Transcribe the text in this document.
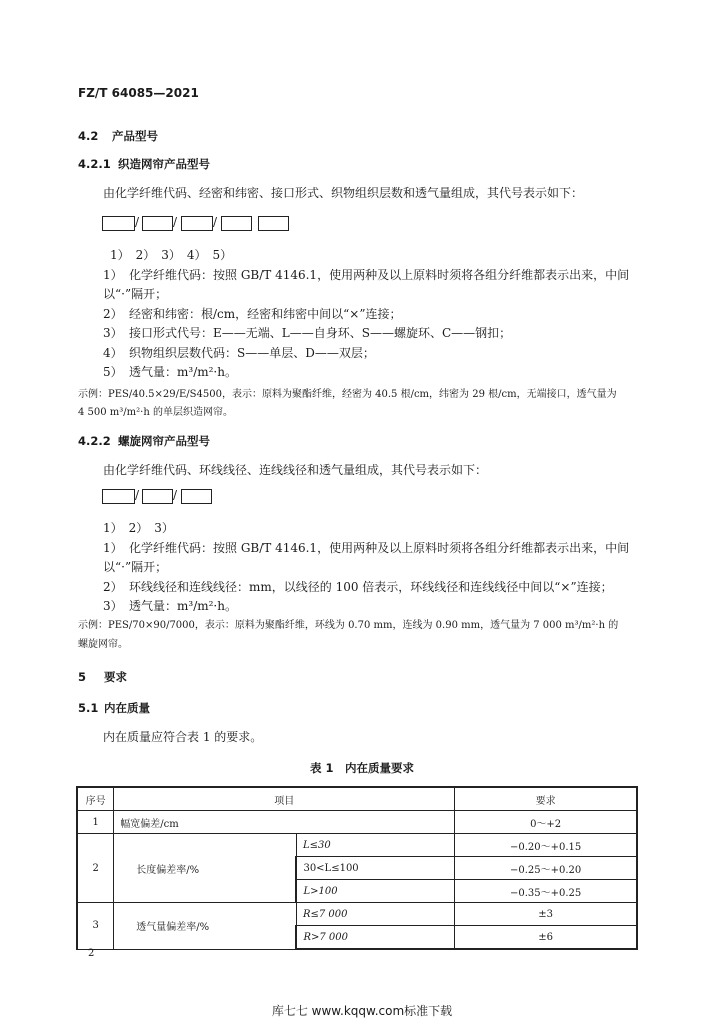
FZ/T 64085—2021
4.2 产品型号
4.2.1 织造网帘产品型号
由化学纤维代码、经密和纬密、接口形式、织物组织层数和透气量组成，其代号表示如下：
/	/	/
1）　2）　3）　4）　5）
1） 化学纤维代码：按照 GB/T 4146.1，使用两种及以上原料时须将各组分纤维都表示出来，中间
以“·”隔开；
2） 经密和纬密：根/cm，经密和纬密中间以“×”连接；
3） 接口形式代号：E——无端、L——自身环、S——螺旋环、C——钢扣；
4） 织物组织层数代码：S——单层、D——双层；
5） 透气量：m³/m²·h。
示例：PES/40.5×29/E/S4500，表示：原料为聚酯纤维，经密为 40.5 根/cm，纬密为 29 根/cm，无端接口，透气量为
4 500 m³/m²·h 的单层织造网帘。
4.2.2 螺旋网帘产品型号
由化学纤维代码、环线线径、连线线径和透气量组成，其代号表示如下：
/	/
1）　2）　3）
1） 化学纤维代码：按照 GB/T 4146.1，使用两种及以上原料时须将各组分纤维都表示出来，中间
以“·”隔开；
2） 环线线径和连线线径：mm，以线径的 100 倍表示，环线线径和连线线径中间以“×”连接；
3） 透气量：m³/m²·h。
示例：PES/70×90/7000，表示：原料为聚酯纤维，环线为 0.70 mm，连线为 0.90 mm，透气量为 7 000 m³/m²·h 的
螺旋网帘。
5 要求
5.1 内在质量
内在质量应符合表 1 的要求。
表 1　内在质量要求
序号	项目		要求
1	幅宽偏差/cm		0～+2
2	长度偏差率/%	L≤30	−0.20～+0.15
		30<L≤100	−0.25～+0.20
		L>100	−0.35～+0.25
3	透气量偏差率/%	R≤7 000	±3
		R>7 000	±6
2
库七七 www.kqqw.com标准下载
